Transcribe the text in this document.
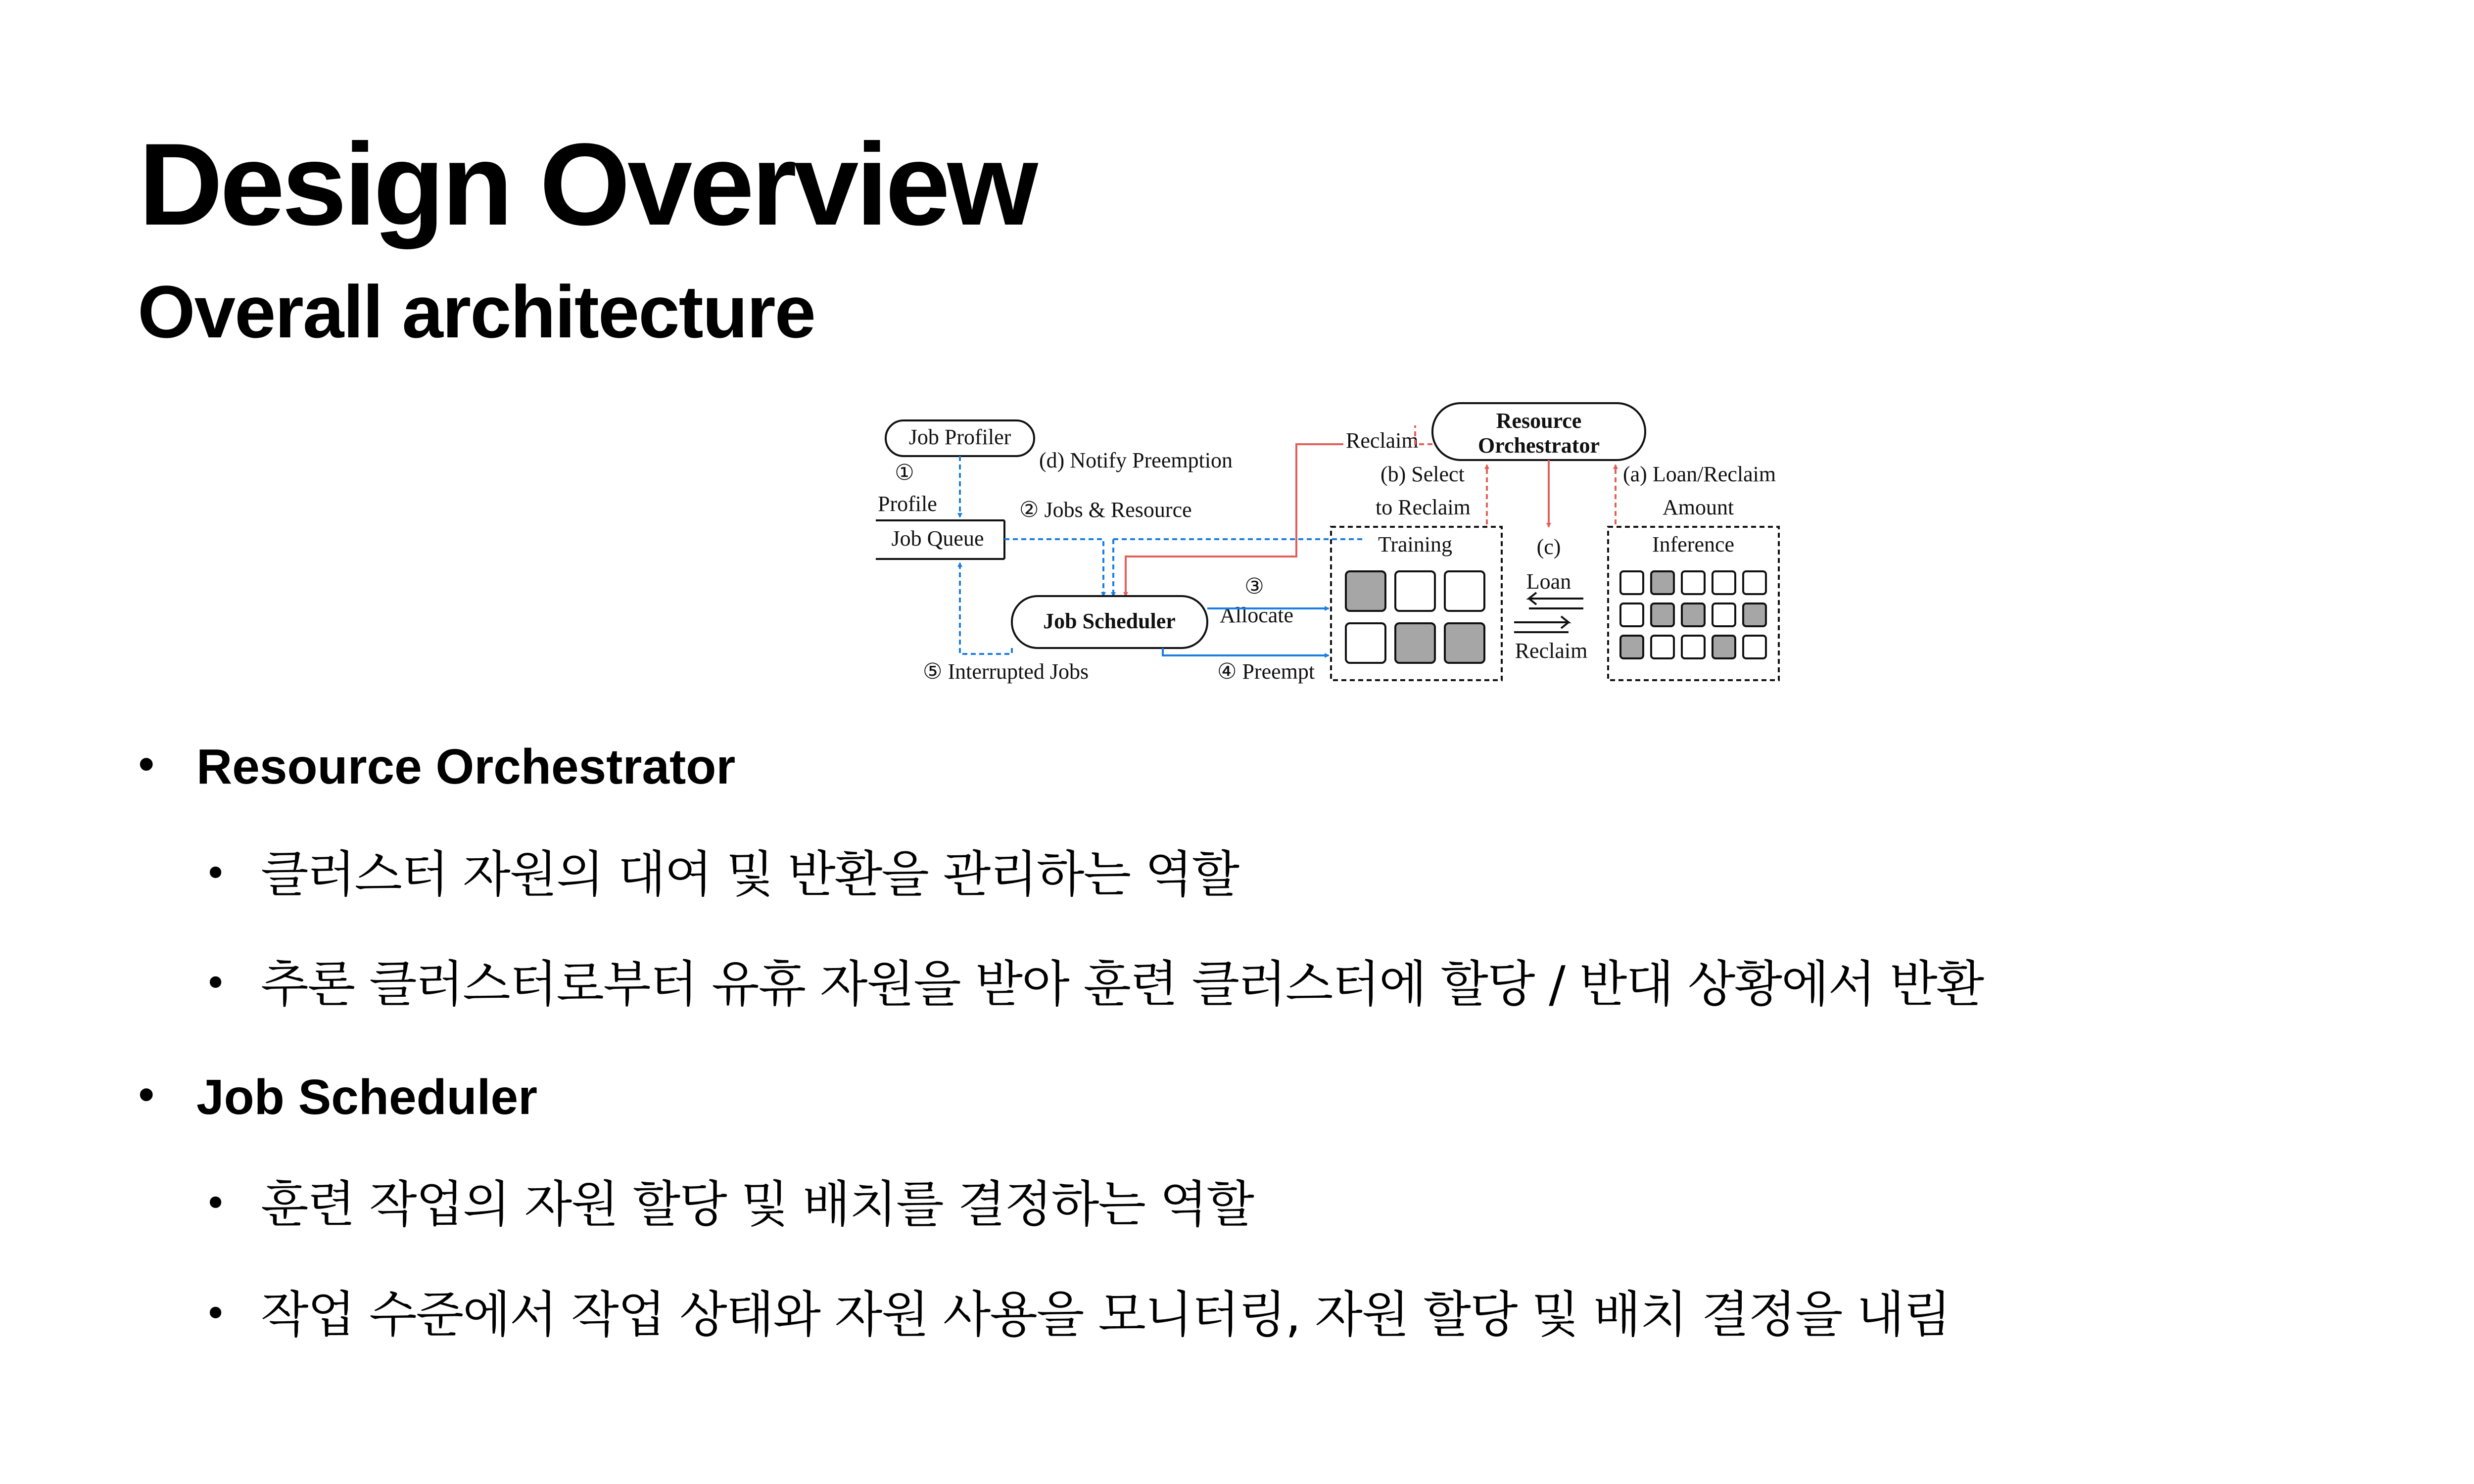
Design Overview
Overall architecture
Job Profiler
①
Profile
Job Queue
(d) Notify Preemption
Resource
Orchestrator
Reclaim
② Jobs & Resource
(b) Select
to Reclaim
(a) Loan/Reclaim
Amount
Training	(c)
Loan
Reclaim
Inference
Job Scheduler
③
Allocate
④ Preempt
⑤ Interrupted Jobs
• Resource Orchestrator
• 클러스터 자원의 대여 및 반환을 관리하는 역할
• 추론 클러스터로부터 유휴 자원을 받아 훈련 클러스터에 할당 / 반대 상황에서 반환
• Job Scheduler
• 훈련 작업의 자원 할당 및 배치를 결정하는 역할
• 작업 수준에서 작업 상태와 자원 사용을 모니터링, 자원 할당 및 배치 결정을 내림
